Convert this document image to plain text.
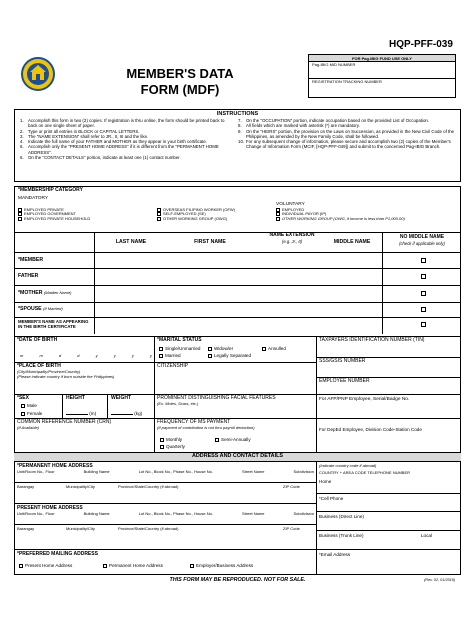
HQP-PFF-039
MEMBER'S DATA
FORM (MDF)
FOR Pag-IBIG FUND USE ONLY
Pag-IBIG MID NUMBER
REGISTRATION TRACKING NUMBER
INSTRUCTIONS
1. Accomplish this form in two (2) copies. If registration is thru online, the form should be printed back to back on one single sheet of paper.
2. Type or print all entries in BLOCK or CAPITAL LETTERS.
3. The "NAME EXTENSION" shall refer to JR., II, III and the like.
4. Indicate the full name of your FATHER and MOTHER as they appear in your birth certificate.
5. Accomplish only the "PRESENT HOME ADDRESS" if it is different from the "PERMANENT HOME ADDRESS".
6. On the "CONTACT DETAILS" portion, indicate at least one (1) contact number.
7. On the "OCCUPATION" portion, indicate occupation based on the provided List of Occupation.
8. All fields which are marked with asterisk (*) are mandatory.
9. On the "HEIRS" portion, the provision on the Laws on Succession, as provided in the New Civil Code of the Philippines, as amended by the New Family Code, shall be followed.
10. For any subsequent change of information, please secure and accomplish two (2) copies of the Member's Change of Information Form (MCIF, [HQP-PFF-049]) and submit to the concerned Pag-IBIG Branch.
*MEMBERSHIP CATEGORY
MANDATORY
VOLUNTARY
EMPLOYED PRIVATE
EMPLOYED GOVERNMENT
EMPLOYED PRIVATE HOUSEHOLD
OVERSEAS FILIPINO WORKER (OFW)
SELF-EMPLOYED (SE)
OTHER WORKING GROUP (OWG)
EMPLOYED
INDIVIDUAL PAYOR (IP)
OTHER WORKING GROUP (OWG, if income is less than P1,000.00)
LAST NAME	FIRST NAME
NAME EXTENSION
(e.g. Jr., II)	MIDDLE NAME
NO MIDDLE NAME
(check if applicable only)
*MEMBER
FATHER
*MOTHER (Maiden Name)
*SPOUSE (If Married)
MEMBER'S NAME AS APPEARING IN THE BIRTH CERTIFICATE
*DATE OF BIRTH
m	m	d	d	y	y	y	y
*MARITAL STATUS
Single/Unmarried	Widow/er	Annulled
Married	Legally Separated
TAXPAYERS IDENTIFICATION NUMBER (TIN)
SSS/GSIS NUMBER
*PLACE OF BIRTH
(City/Municipality/Province/Country)
(Please indicate country if born outside the Philippines)
CITIZENSHIP
EMPLOYEE NUMBER
*SEX
Male
Female
HEIGHT
(m)
WEIGHT
(kg)
PROMINENT DISTINGUISHING FACIAL FEATURES
(Ex. Moles, Scars, etc.)
For AFP/PNP Employee, Serial/Badge No.
COMMON REFERENCE NUMBER (CRN)
(If Available)
FREQUENCY OF MS PAYMENT
(If payment of contribution is not thru payroll deduction)
Monthly	Semi-Annually
Quarterly
For DepEd Employee, Division Code-Station Code
ADDRESS AND CONTACT DETAILS
*PERMANENT HOME ADDRESS
Unit/Room No., Floor	Building Name	Lot No., Block No., Phase No., House No.	Street Name	Subdivision
Barangay	Municipality/City	Province/State/Country (if abroad)	ZIP Code
PRESENT HOME ADDRESS
Unit/Room No., Floor	Building Name	Lot No., Block No., Phase No., House No.	Street Name	Subdivision
Barangay	Municipality/City	Province/State/Country (if abroad)	ZIP Code
*PREFERRED MAILING ADDRESS
Present Home Address	Permanent Home Address	Employer/Business Address
(Indicate country code if abroad)
COUNTRY + AREA CODE TELEPHONE NUMBER
Home
*Cell Phone
Business (Direct Line)
Business (Trunk Line)	Local
*Email Address
THIS FORM MAY BE REPRODUCED. NOT FOR SALE.	(Rev. 02, 01/2015)
